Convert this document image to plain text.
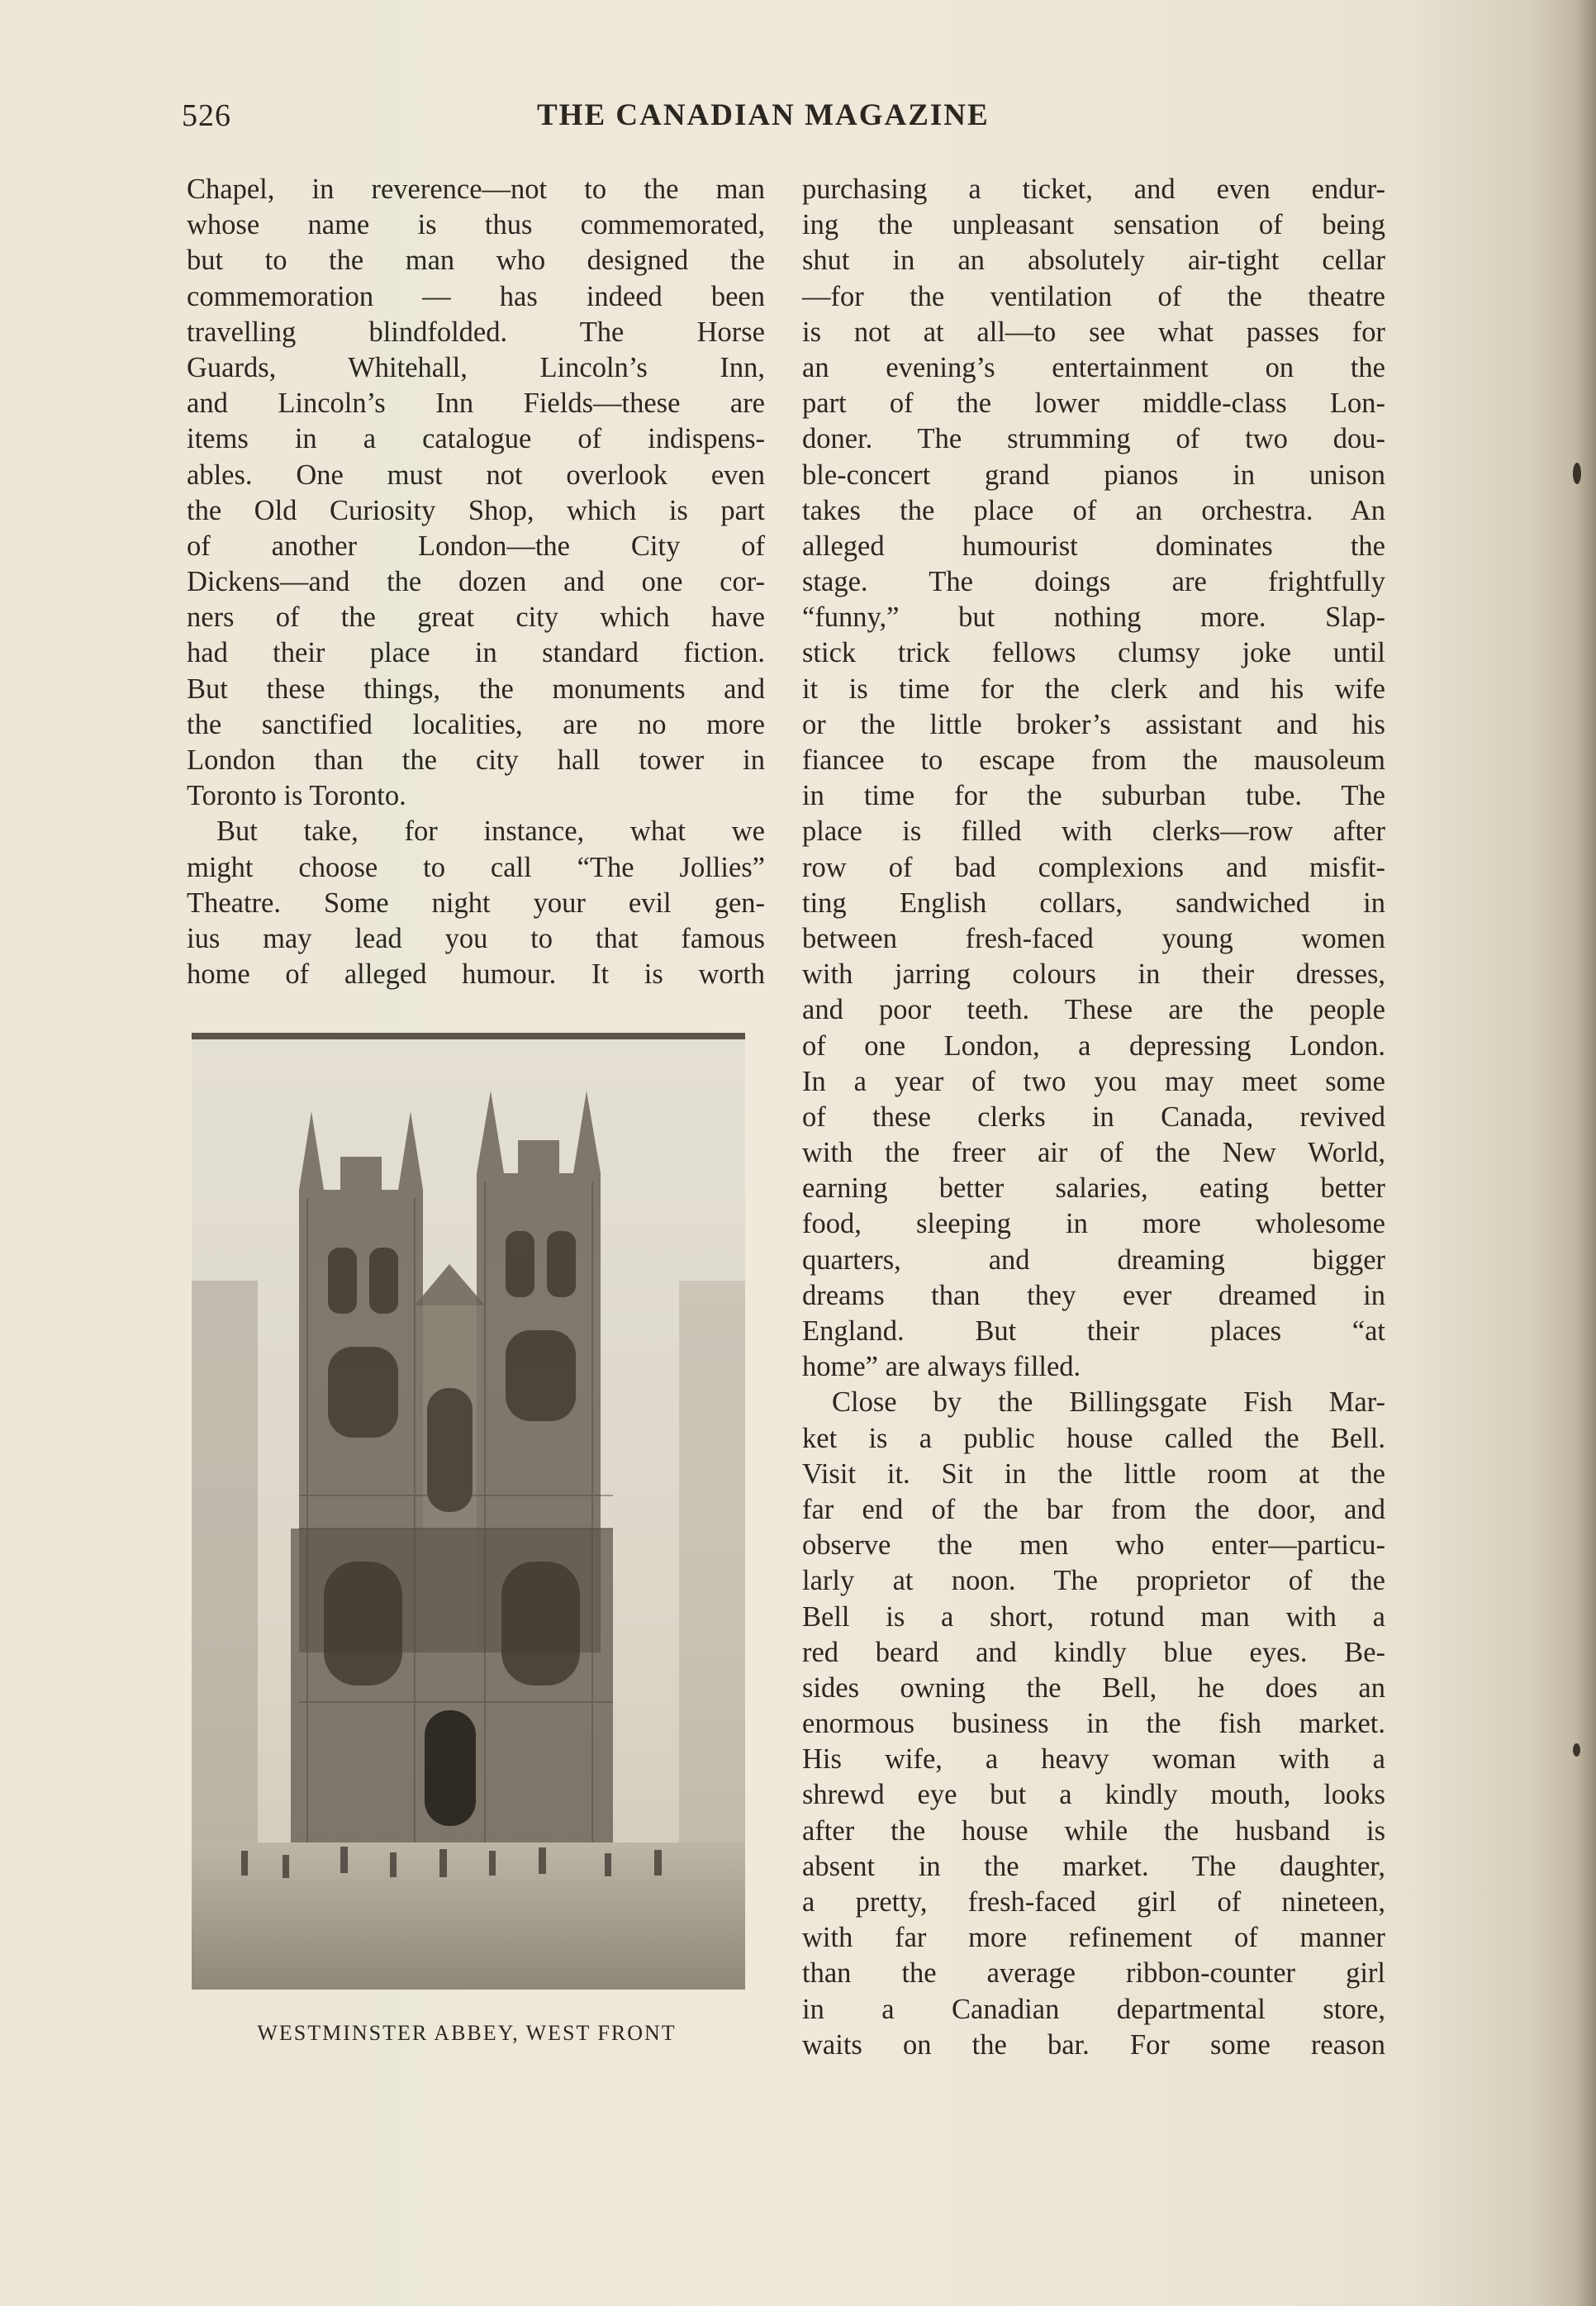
526	THE CANADIAN MAGAZINE
Chapel, in reverence—not to the man
whose name is thus commemorated,
but to the man who designed the
commemoration — has indeed been
travelling blindfolded. The Horse
Guards, Whitehall, Lincoln’s Inn,
and Lincoln’s Inn Fields—these are
items in a catalogue of indispens-
ables. One must not overlook even
the Old Curiosity Shop, which is part
of another London—the City of
Dickens—and the dozen and one cor-
ners of the great city which have
had their place in standard fiction.
But these things, the monuments and
the sanctified localities, are no more
London than the city hall tower in
Toronto is Toronto.
But take, for instance, what we
might choose to call “The Jollies”
Theatre. Some night your evil gen-
ius may lead you to that famous
home of alleged humour. It is worth
WESTMINSTER ABBEY, WEST FRONT
purchasing a ticket, and even endur-
ing the unpleasant sensation of being
shut in an absolutely air-tight cellar
—for the ventilation of the theatre
is not at all—to see what passes for
an evening’s entertainment on the
part of the lower middle-class Lon-
doner. The strumming of two dou-
ble-concert grand pianos in unison
takes the place of an orchestra. An
alleged humourist dominates the
stage. The doings are frightfully
“funny,” but nothing more. Slap-
stick trick fellows clumsy joke until
it is time for the clerk and his wife
or the little broker’s assistant and his
fiancee to escape from the mausoleum
in time for the suburban tube. The
place is filled with clerks—row after
row of bad complexions and misfit-
ting English collars, sandwiched in
between fresh-faced young women
with jarring colours in their dresses,
and poor teeth. These are the people
of one London, a depressing London.
In a year of two you may meet some
of these clerks in Canada, revived
with the freer air of the New World,
earning better salaries, eating better
food, sleeping in more wholesome
quarters, and dreaming bigger
dreams than they ever dreamed in
England. But their places “at
home” are always filled.
Close by the Billingsgate Fish Mar-
ket is a public house called the Bell.
Visit it. Sit in the little room at the
far end of the bar from the door, and
observe the men who enter—particu-
larly at noon. The proprietor of the
Bell is a short, rotund man with a
red beard and kindly blue eyes. Be-
sides owning the Bell, he does an
enormous business in the fish market.
His wife, a heavy woman with a
shrewd eye but a kindly mouth, looks
after the house while the husband is
absent in the market. The daughter,
a pretty, fresh-faced girl of nineteen,
with far more refinement of manner
than the average ribbon-counter girl
in a Canadian departmental store,
waits on the bar. For some reason
